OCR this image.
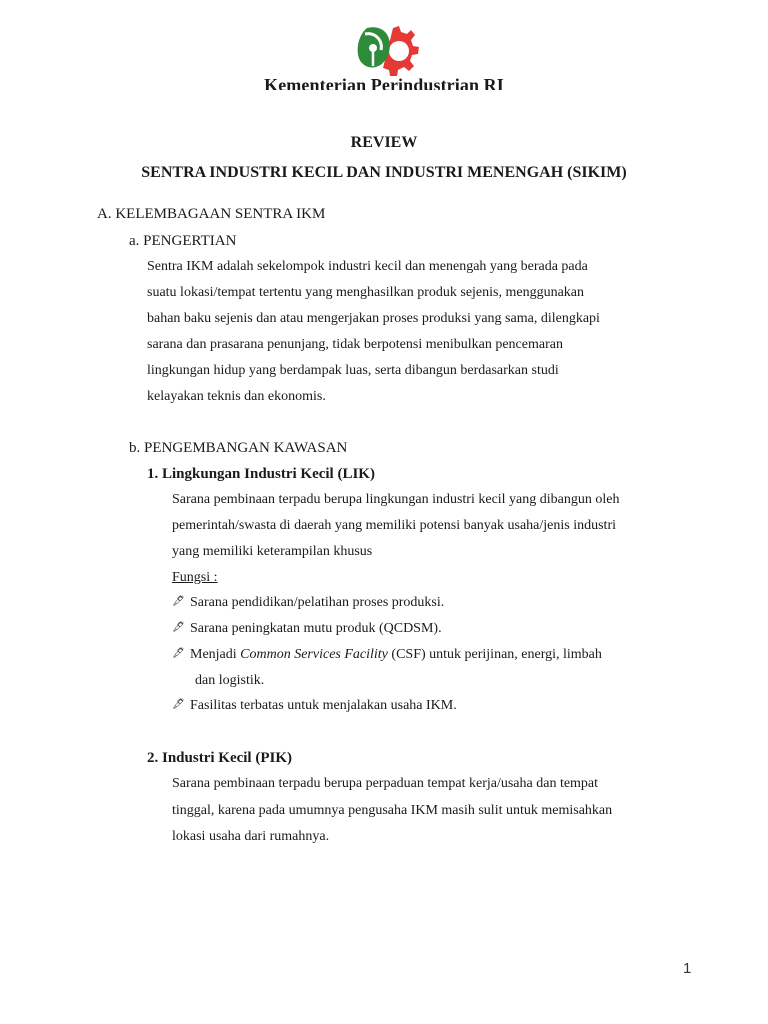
Kementerian Perindustrian RI
REVIEW
SENTRA INDUSTRI KECIL DAN INDUSTRI MENENGAH (SIKIM)
A. KELEMBAGAAN SENTRA IKM
a. PENGERTIAN
Sentra IKM adalah sekelompok industri kecil dan menengah yang berada pada
suatu lokasi/tempat tertentu yang menghasilkan produk sejenis, menggunakan
bahan baku sejenis dan atau mengerjakan proses produksi yang sama, dilengkapi
sarana dan prasarana penunjang, tidak berpotensi menibulkan pencemaran
lingkungan hidup yang berdampak luas, serta dibangun berdasarkan studi
kelayakan teknis dan ekonomis.
b. PENGEMBANGAN KAWASAN
1. Lingkungan Industri Kecil (LIK)
Sarana pembinaan terpadu berupa lingkungan industri kecil yang dibangun oleh
pemerintah/swasta di daerah yang memiliki potensi banyak usaha/jenis industri
yang memiliki keterampilan khusus
Fungsi :
🖋 Sarana pendidikan/pelatihan proses produksi.
🖋 Sarana peningkatan mutu produk (QCDSM).
🖋 Menjadi Common Services Facility (CSF) untuk perijinan, energi, limbah
dan logistik.
🖋 Fasilitas terbatas untuk menjalakan usaha IKM.
2. Industri Kecil (PIK)
Sarana pembinaan terpadu berupa perpaduan tempat kerja/usaha dan tempat
tinggal, karena pada umumnya pengusaha IKM masih sulit untuk memisahkan
lokasi usaha dari rumahnya.
1
